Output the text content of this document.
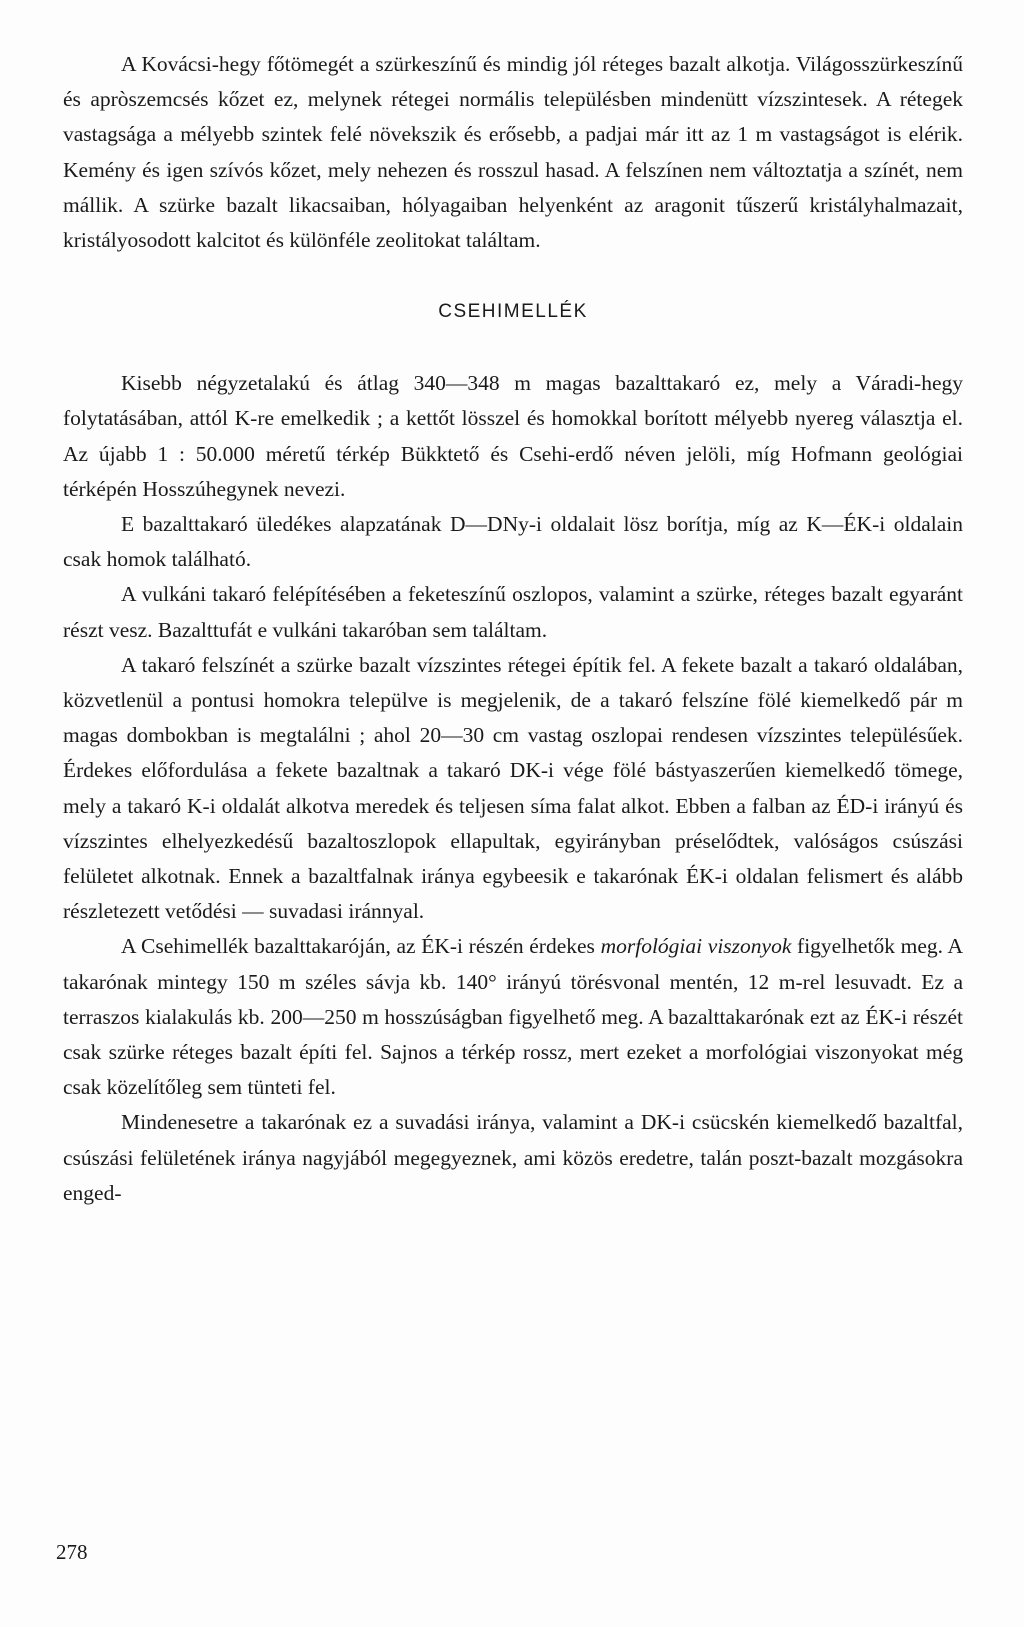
A Kovácsi-hegy főtömegét a szürkeszínű és mindig jól réteges bazalt alkotja. Világosszürkeszínű és apròszemcsés kőzet ez, melynek rétegei normális településben mindenütt vízszintesek. A rétegek vastagsága a mélyebb szintek felé növekszik és erősebb, a padjai már itt az 1 m vastagságot is elérik. Kemény és igen szívós kőzet, mely nehezen és rosszul hasad. A felszínen nem változtatja a színét, nem mállik. A szürke bazalt likacsaiban, hólyagaiban helyenként az aragonit tűszerű kristályhalmazait, kristályosodott kalcitot és különféle zeolitokat találtam.

CSEHIMELLÉK

Kisebb négyzetalakú és átlag 340—348 m magas bazalttakaró ez, mely a Váradi-hegy folytatásában, attól K-re emelkedik ; a kettőt lösszel és homokkal borított mélyebb nyereg választja el. Az újabb 1 : 50.000 méretű térkép Bükktető és Csehi-erdő néven jelöli, míg Hofmann geológiai térképén Hosszúhegynek nevezi.

E bazalttakaró üledékes alapzatának D—DNy-i oldalait lösz borítja, míg az K—ÉK-i oldalain csak homok található.

A vulkáni takaró felépítésében a feketeszínű oszlopos, valamint a szürke, réteges bazalt egyaránt részt vesz. Bazalttufát e vulkáni takaróban sem találtam.

A takaró felszínét a szürke bazalt vízszintes rétegei építik fel. A fekete bazalt a takaró oldalában, közvetlenül a pontusi homokra települve is megjelenik, de a takaró felszíne fölé kiemelkedő pár m magas dombokban is megtalálni ; ahol 20—30 cm vastag oszlopai rendesen vízszintes településűek. Érdekes előfordulása a fekete bazaltnak a takaró DK-i vége fölé bástyaszerűen kiemelkedő tömege, mely a takaró K-i oldalát alkotva meredek és teljesen síma falat alkot. Ebben a falban az ÉD-i irányú és vízszintes elhelyezkedésű bazaltoszlopok ellapultak, egyirányban préselődtek, valóságos csúszási felületet alkotnak. Ennek a bazaltfalnak iránya egybeesik e takarónak ÉK-i oldalan felismert és alább részletezett vetődési — suvadasi iránnyal.

A Csehimellék bazalttakaróján, az ÉK-i részén érdekes morfológiai viszonyok figyelhetők meg. A takarónak mintegy 150 m széles sávja kb. 140° irányú törésvonal mentén, 12 m-rel lesuvadt. Ez a terraszos kialakulás kb. 200—250 m hosszúságban figyelhető meg. A bazalttakarónak ezt az ÉK-i részét csak szürke réteges bazalt építi fel. Sajnos a térkép rossz, mert ezeket a morfológiai viszonyokat még csak közelítőleg sem tünteti fel.

Mindenesetre a takarónak ez a suvadási iránya, valamint a DK-i csücskén kiemelkedő bazaltfal, csúszási felületének iránya nagyjából megegyeznek, ami közös eredetre, talán poszt-bazalt mozgásokra enged-

278
